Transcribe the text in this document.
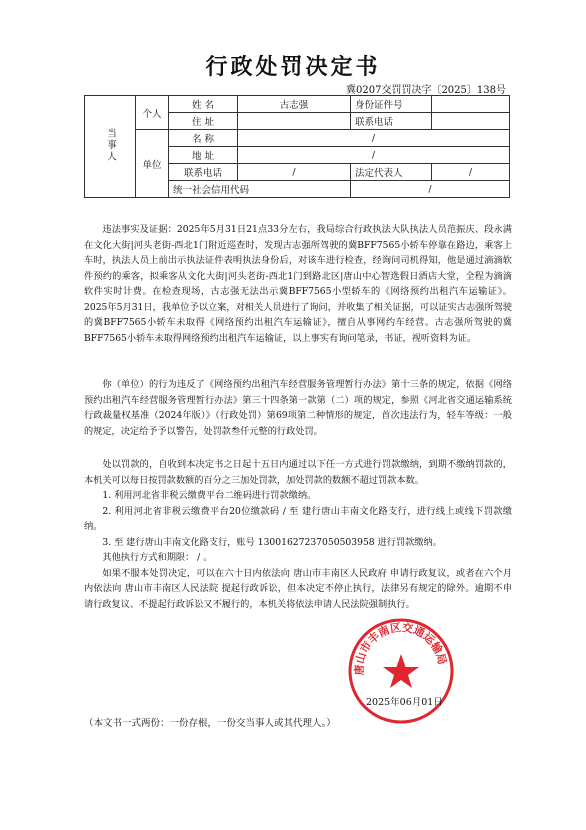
行政处罚决定书
冀0207交罚罚决字〔2025〕138号
当事人	个人	姓 名	古志强	身份证件号	
		住 址		联系电话	
	单位	名 称	/		
		地 址	/		
		联系电话	/	法定代表人	/
		统一社会信用代码		/	

违法事实及证据：2025年5月31日21点33分左右，我局综合行政执法大队执法人员范振庆、段永满在文化大街|河头老街-西北1门附近巡查时，发现古志强所驾驶的冀BFF7565小轿车停靠在路边，乘客上车时，执法人员上前出示执法证件表明执法身份后，对该车进行检查，经询问司机得知，他是通过滴滴软件预约的乘客，拟乘客从文化大街|河头老街-西北1门到路北区|唐山中心智选假日酒店大堂，全程为滴滴软件实时计费。在检查现场，古志强无法出示冀BFF7565小型轿车的《网络预约出租汽车运输证》。2025年5月31日，我单位予以立案，对相关人员进行了询问，并收集了相关证据，可以证实古志强所驾驶的冀BFF7565小轿车未取得《网络预约出租汽车运输证》，擅自从事网约车经营。古志强所驾驶的冀BFF7565小轿车未取得网络预约出租汽车运输证，以上事实有询问笔录，书证，视听资料为证。

你（单位）的行为违反了《网络预约出租汽车经营服务管理暂行办法》第十三条的规定，依据《网络预约出租汽车经营服务管理暂行办法》第三十四条第一款第（二）项的规定，参照《河北省交通运输系统行政裁量权基准（2024年版）》（行政处罚）第69项第二种情形的规定，首次违法行为，轻车等级：一般的规定，决定给予予以警告，处罚款叁仟元整的行政处罚。

处以罚款的，自收到本决定书之日起十五日内通过以下任一方式进行罚款缴纳，到期不缴纳罚款的，本机关可以每日按罚款数额的百分之三加处罚款，加处罚款的数额不超过罚款本数。

1. 利用河北省非税云缴费平台二维码进行罚款缴纳。

2. 利用河北省非税云缴费平台20位缴款码 / 至 建行唐山丰南文化路支行，进行线上或线下罚款缴纳。

3. 至 建行唐山丰南文化路支行，账号 13001627237050503958 进行罚款缴纳。

其他执行方式和期限： / 。

如果不服本处罚决定，可以在六十日内依法向 唐山市丰南区人民政府 申请行政复议，或者在六个月内依法向 唐山市丰南区人民法院 提起行政诉讼，但本决定不停止执行，法律另有规定的除外。逾期不申请行政复议、不提起行政诉讼又不履行的，本机关将依法申请人民法院强制执行。

唐山市丰南区交通运输局
2025年06月01日
（本文书一式两份：一份存根，一份交当事人或其代理人。）
